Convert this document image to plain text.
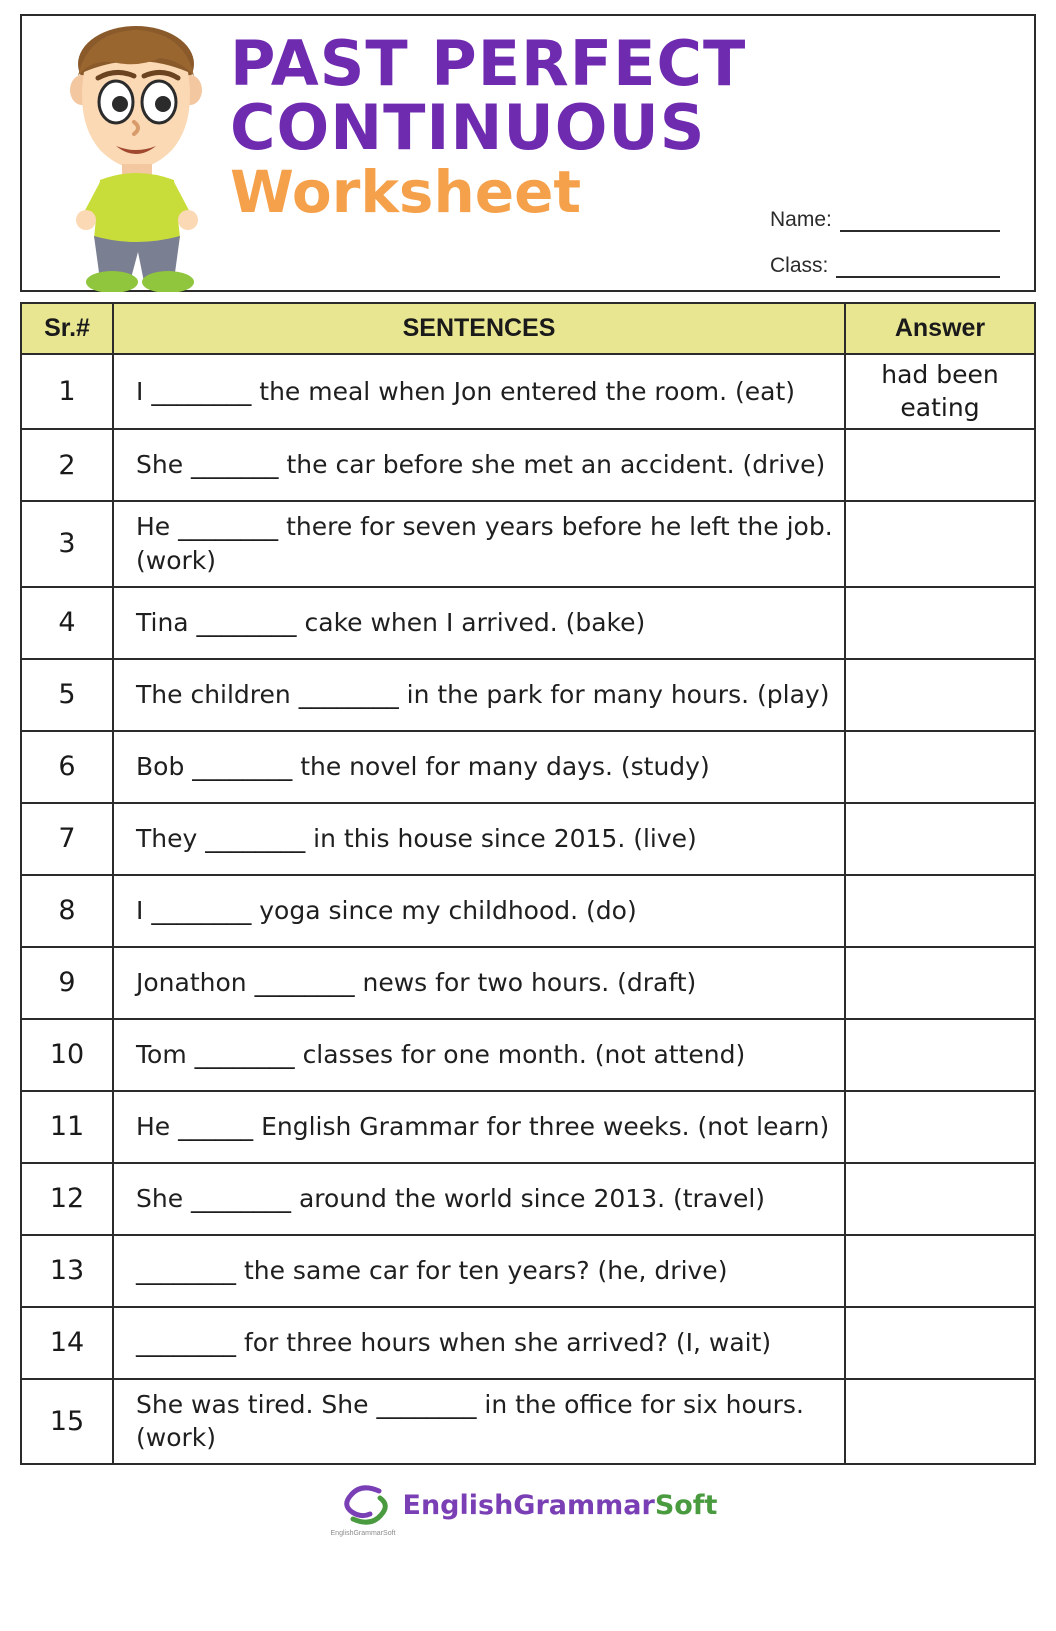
PAST PERFECT
CONTINUOUS
Worksheet	Name:
Class:
Sr.#	SENTENCES	Answer
1	I ________ the meal when Jon entered the room. (eat)	had been eating
2	She _______ the car before she met an accident. (drive)	
3	He ________ there for seven years before he left the job. (work)	
4	Tina ________ cake when I arrived. (bake)	
5	The children ________ in the park for many hours. (play)	
6	Bob ________ the novel for many days. (study)	
7	They ________ in this house since 2015. (live)	
8	I ________ yoga since my childhood. (do)	
9	Jonathon ________ news for two hours. (draft)	
10	Tom ________ classes for one month. (not attend)	
11	He ______ English Grammar for three weeks. (not learn)	
12	She ________ around the world since 2013. (travel)	
13	________ the same car for ten years? (he, drive)	
14	________ for three hours when she arrived? (I, wait)	
15	She was tired. She ________ in the office for six hours. (work)	
EnglishGrammarSoft
EnglishGrammarSoft
